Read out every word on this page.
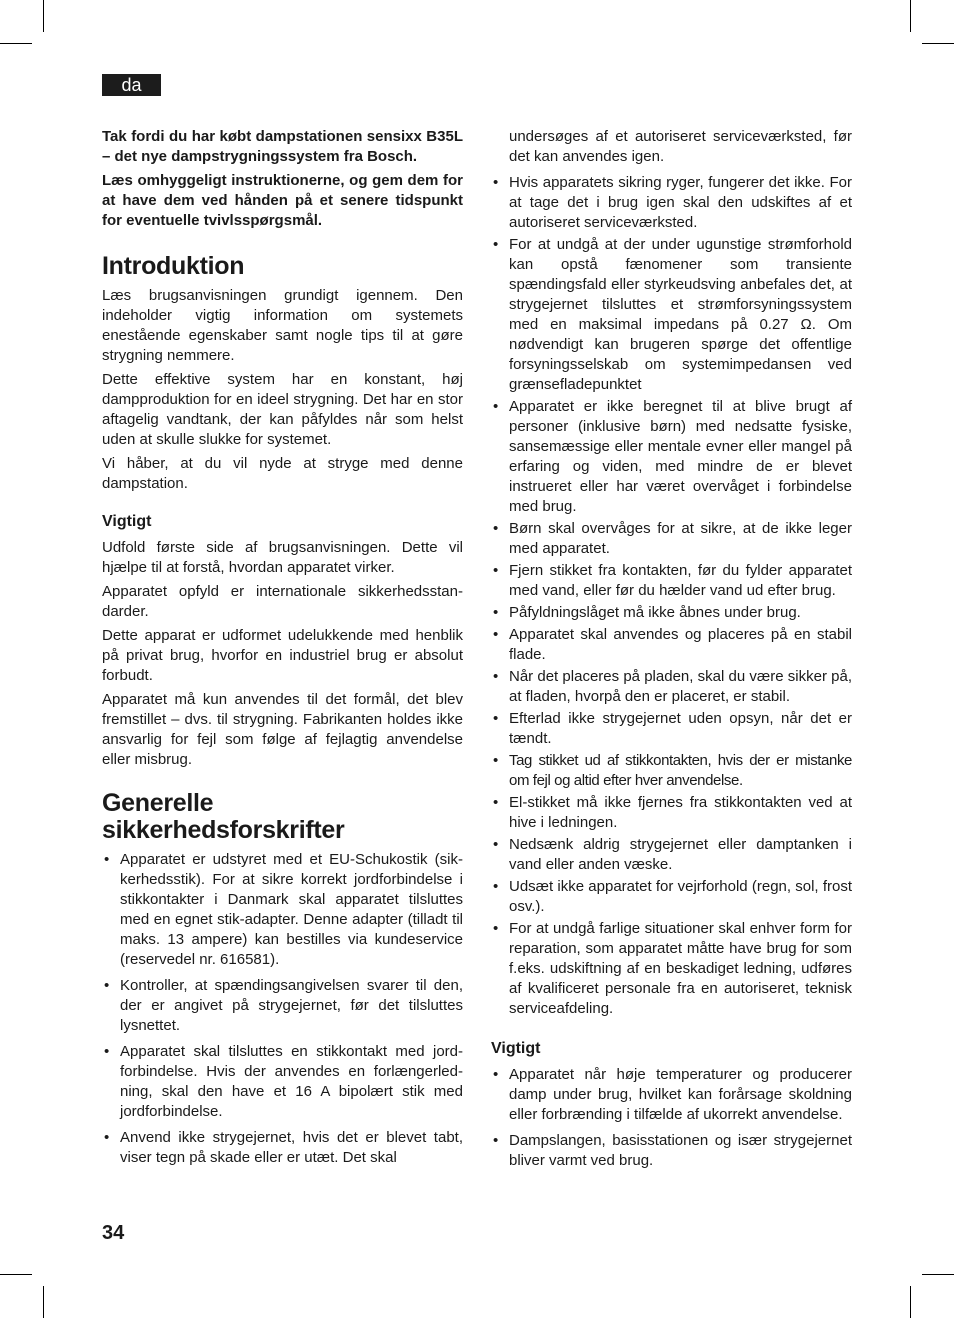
da

Tak fordi du har købt dampstationen sensixx B35L – det nye dampstrygningssystem fra Bosch.

Læs omhyggeligt instruktionerne, og gem dem for at have dem ved hånden på et senere tidspunkt for eventuelle tvivlsspørgsmål.

Introduktion

Læs brugsanvisningen grundigt igennem. Den indeholder vigtig information om systemets enestående egenskaber samt nogle tips til at gøre strygning nemmere.

Dette effektive system har en konstant, høj dampproduktion for en ideel strygning. Det har en stor aftagelig vandtank, der kan påfyldes når som helst uden at skulle slukke for systemet.

Vi håber, at du vil nyde at stryge med denne dampstation.

Vigtigt

Udfold første side af brugsanvisningen. Dette vil hjælpe til at forstå, hvordan apparatet virker.

Apparatet opfyld er internationale sikkerhedsstandarder.

Dette apparat er udformet udelukkende med henblik på privat brug, hvorfor en industriel brug er absolut forbudt.

Apparatet må kun anvendes til det formål, det blev fremstillet – dvs. til strygning. Fabrikanten holdes ikke ansvarlig for fejl som følge af fejlagtig anvendelse eller misbrug.

Generelle
sikkerhedsforskrifter
• Apparatet er udstyret med et EU-Schukostik (sikkerhedsstik). For at sikre korrekt jordforbindelse i stikkontakter i Danmark skal apparatet tilsluttes med en egnet stik-adapter. Denne adapter (tilladt til maks. 13 ampere) kan bestilles via kundeservice (reservedel nr. 616581).
• Kontroller, at spændingsangivelsen svarer til den, der er angivet på strygejernet, før det tilsluttes lysnettet.
• Apparatet skal tilsluttes en stikkontakt med jordforbindelse. Hvis der anvendes en forlængerledning, skal den have et 16 A bipolært stik med jordforbindelse.
• Anvend ikke strygejernet, hvis det er blevet tabt, viser tegn på skade eller er utæt. Det skal
undersøges af et autoriseret serviceværksted, før det kan anvendes igen.
• Hvis apparatets sikring ryger, fungerer det ikke. For at tage det i brug igen skal den udskiftes af et autoriseret serviceværksted.
• For at undgå at der under ugunstige strømforhold kan opstå fænomener som transiente spændingsfald eller styrkeudsving anbefales det, at strygejernet tilsluttes et strømforsyningssystem med en maksimal impedans på 0.27 Ω. Om nødvendigt kan brugeren spørge det offentlige forsyningsselskab om systemimpedansen ved grænsefladepunktet
• Apparatet er ikke beregnet til at blive brugt af personer (inklusive børn) med nedsatte fysiske, sansemæssige eller mentale evner eller mangel på erfaring og viden, med mindre de er blevet instrueret eller har været overvåget i forbindelse med brug.
• Børn skal overvåges for at sikre, at de ikke leger med apparatet.
• Fjern stikket fra kontakten, før du fylder apparatet med vand, eller før du hælder vand ud efter brug.
• Påfyldningslåget må ikke åbnes under brug.
• Apparatet skal anvendes og placeres på en stabil flade.
• Når det placeres på pladen, skal du være sikker på, at fladen, hvorpå den er placeret, er stabil.
• Efterlad ikke strygejernet uden opsyn, når det er tændt.
• Tag stikket ud af stikkontakten, hvis der er mistanke om fejl og altid efter hver anvendelse.
• El-stikket må ikke fjernes fra stikkontakten ved at hive i ledningen.
• Nedsænk aldrig strygejernet eller damptanken i vand eller anden væske.
• Udsæt ikke apparatet for vejrforhold (regn, sol, frost osv.).
• For at undgå farlige situationer skal enhver form for reparation, som apparatet måtte have brug for som f.eks. udskiftning af en beskadiget ledning, udføres af kvalificeret personale fra en autoriseret, teknisk serviceafdeling.
Vigtigt
• Apparatet når høje temperaturer og producerer damp under brug, hvilket kan forårsage skoldning eller forbrænding i tilfælde af ukorrekt anvendelse.
• Dampslangen, basisstationen og især strygejernet bliver varmt ved brug.
34
